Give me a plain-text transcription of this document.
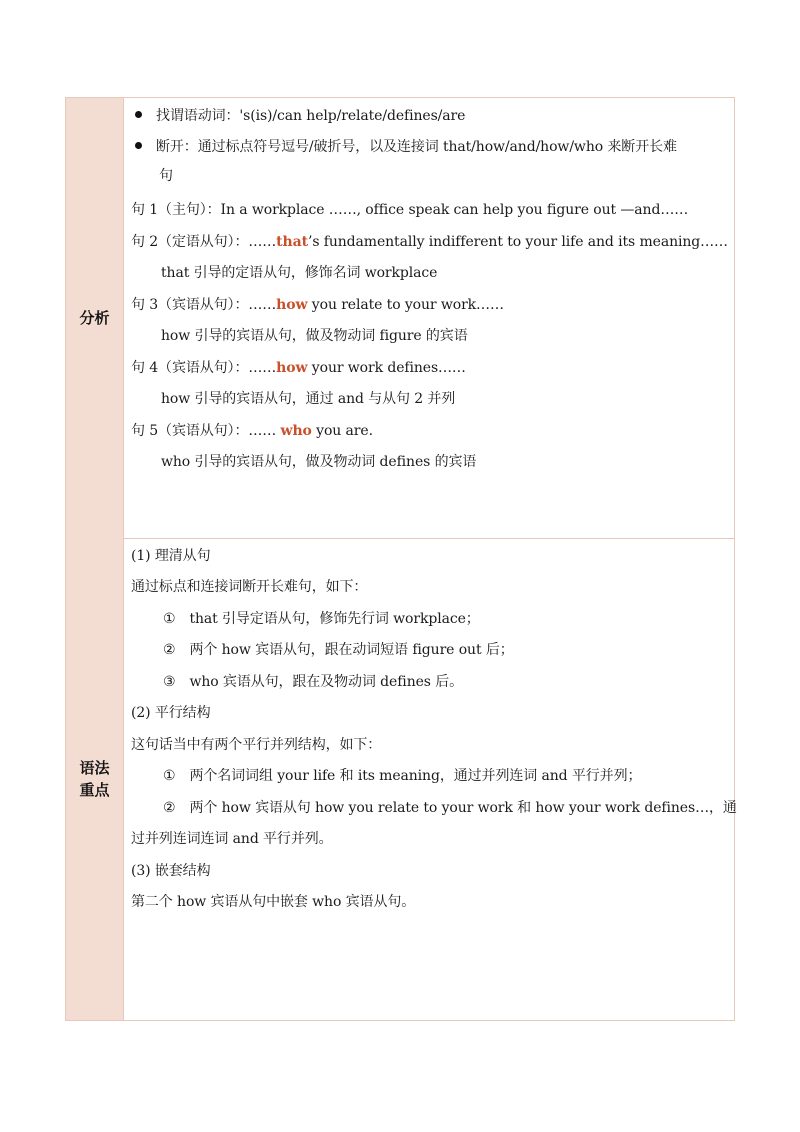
分析
找谓语动词：'s(is)/can help/relate/defines/are
断开：通过标点符号逗号/破折号，以及连接词 that/how/and/how/who 来断开长难
句
句 1（主句）：In a workplace ……, office speak can help you figure out —and……
句 2（定语从句）：……that’s fundamentally indifferent to your life and its meaning……
that 引导的定语从句，修饰名词 workplace
句 3（宾语从句）：……how you relate to your work……
how 引导的宾语从句，做及物动词 figure 的宾语
句 4（宾语从句）：……how your work defines……
how 引导的宾语从句，通过 and 与从句 2 并列
句 5（宾语从句）：…… who you are.
who 引导的宾语从句，做及物动词 defines 的宾语
语法
重点
(1) 理清从句
通过标点和连接词断开长难句，如下：
① that 引导定语从句，修饰先行词 workplace；
② 两个 how 宾语从句，跟在动词短语 figure out 后；
③ who 宾语从句，跟在及物动词 defines 后。
(2) 平行结构
这句话当中有两个平行并列结构，如下：
① 两个名词词组 your life 和 its meaning，通过并列连词 and 平行并列；
② 两个 how 宾语从句 how you relate to your work 和 how your work defines…，通
过并列连词连词 and 平行并列。
(3) 嵌套结构
第二个 how 宾语从句中嵌套 who 宾语从句。
